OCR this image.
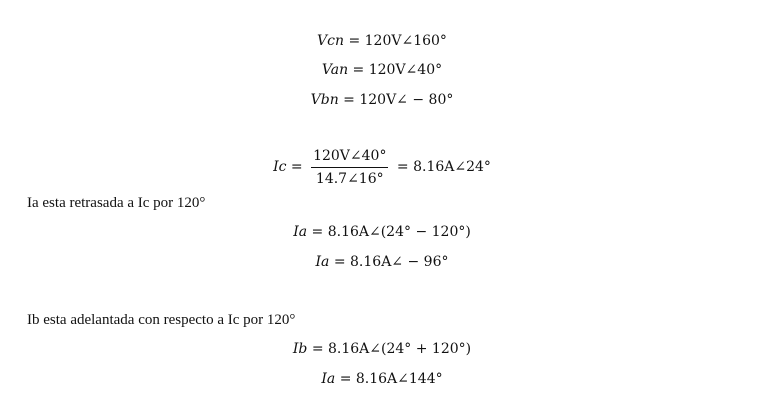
Vcn = 120V∠160°
Van = 120V∠40°
Vbn = 120V∠ − 80°
$Ic = \frac{120V\angle 40^\circ}{14.7\angle 16^\circ}$ = 8.16A∠24°
Ia esta retrasada a Ic por 120°
Ia = 8.16A∠(24° − 120°)
Ia = 8.16A∠ − 96°
Ib esta adelantada con respecto a Ic por 120°
Ib = 8.16A∠(24° + 120°)
Ia = 8.16A∠144°
